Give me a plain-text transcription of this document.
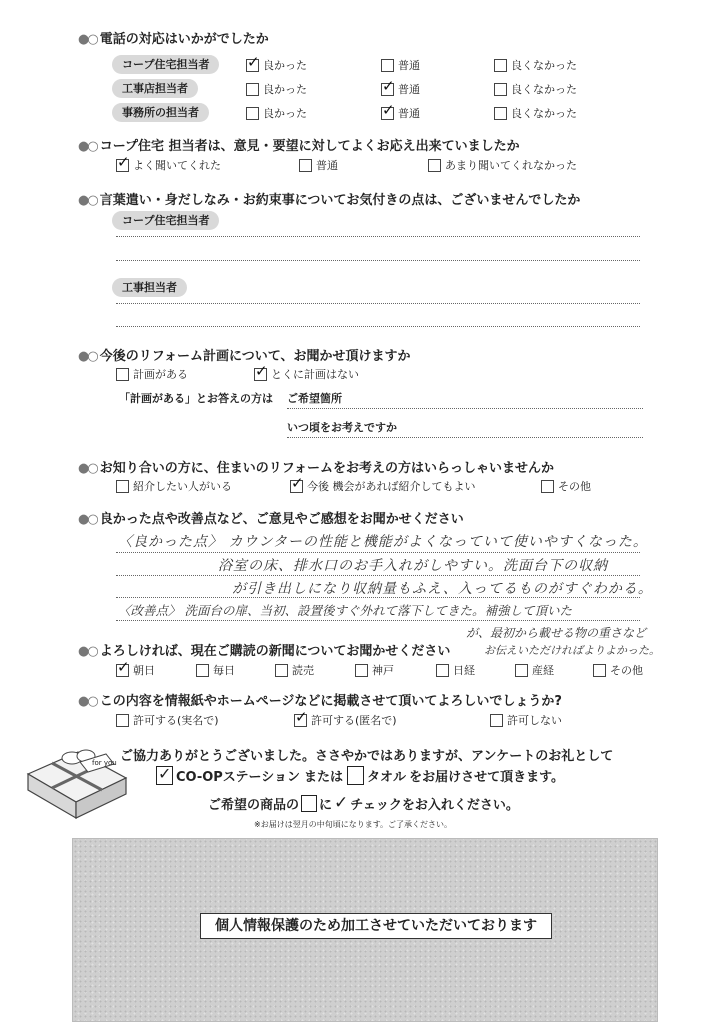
●○ 電話の対応はいかがでしたか
コープ住宅担当者 ✓	良かった	普通	良くなかった
工事店担当者	良かった ✓	普通	良くなかった
事務所の担当者	良かった ✓	普通	良くなかった
●○ コープ住宅 担当者は、意見・要望に対してよくお応え出来ていましたか
✓
よく聞いてくれた	普通	あまり聞いてくれなかった
●○ 言葉遣い・身だしなみ・お約束事についてお気付きの点は、ございませんでしたか
コープ住宅担当者
工事担当者
●○ 今後のリフォーム計画について、お聞かせ頂けますか
計画がある ✓	とくに計画はない
「計画がある」とお答えの方は ご希望箇所
いつ頃をお考えですか
●○ お知り合いの方に、住まいのリフォームをお考えの方はいらっしゃいませんか
紹介したい人がいる ✓	今後 機会があれば紹介してもよい	その他
●○ 良かった点や改善点など、ご意見やご感想をお聞かせください
〈良かった点〉 カウンターの性能と機能がよくなっていて使いやすくなった。
浴室の床、排水口のお手入れがしやすい。洗面台下の収納
が引き出しになり収納量もふえ、入ってるものがすぐわかる。
〈改善点〉 洗面台の扉、当初、設置後すぐ外れて落下してきた。補強して頂いた
が、最初から載せる物の重さなど
お伝えいただければよりよかった。
●○ よろしければ、現在ご購読の新聞についてお聞かせください
✓
朝日	毎日	読売	神戸	日経	産経	その他
●○ この内容を情報紙やホームページなどに掲載させて頂いてよろしいでしょうか?
許可する(実名で) ✓	許可する(匿名で)	許可しない
for you ご協力ありがとうございました。ささやかではありますが、アンケートのお礼として
✓
CO-OPステーション または タオル をお届けさせて頂きます。
ご希望の商品の に ✓ チェックをお入れください。
※お届けは翌月の中旬頃になります。ご了承ください。
個人情報保護のため加工させていただいております
